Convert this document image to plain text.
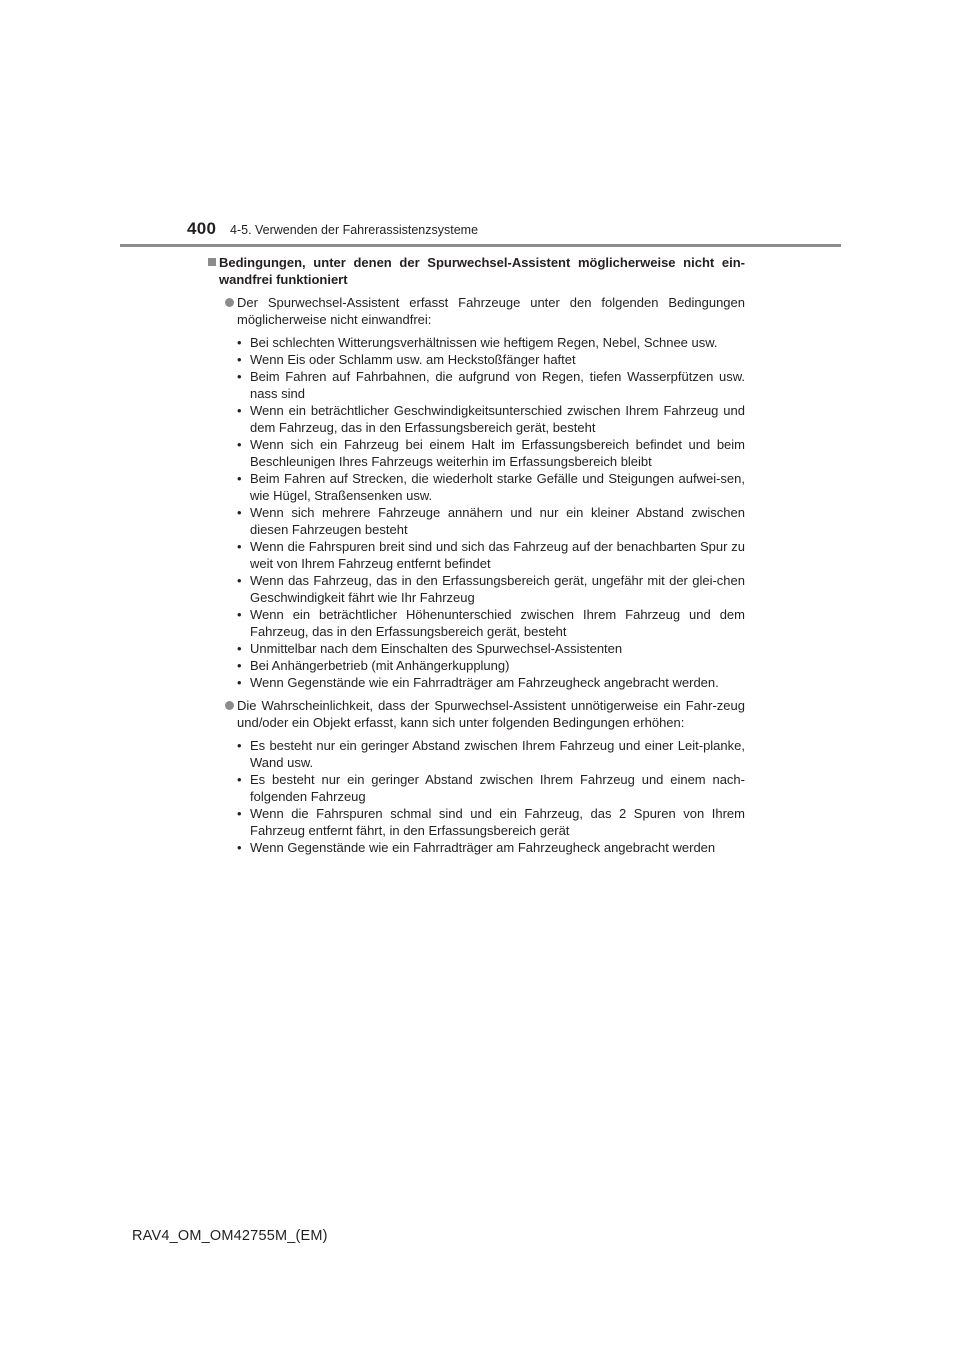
400 4-5. Verwenden der Fahrerassistenzsysteme
Bedingungen, unter denen der Spurwechsel-Assistent möglicherweise nicht ein-wandfrei funktioniert
Der Spurwechsel-Assistent erfasst Fahrzeuge unter den folgenden Bedingungen möglicherweise nicht einwandfrei:
• Bei schlechten Witterungsverhältnissen wie heftigem Regen, Nebel, Schnee usw.
• Wenn Eis oder Schlamm usw. am Heckstoßfänger haftet
• Beim Fahren auf Fahrbahnen, die aufgrund von Regen, tiefen Wasserpfützen usw. nass sind
• Wenn ein beträchtlicher Geschwindigkeitsunterschied zwischen Ihrem Fahrzeug und dem Fahrzeug, das in den Erfassungsbereich gerät, besteht
• Wenn sich ein Fahrzeug bei einem Halt im Erfassungsbereich befindet und beim Beschleunigen Ihres Fahrzeugs weiterhin im Erfassungsbereich bleibt
• Beim Fahren auf Strecken, die wiederholt starke Gefälle und Steigungen aufwei-sen, wie Hügel, Straßensenken usw.
• Wenn sich mehrere Fahrzeuge annähern und nur ein kleiner Abstand zwischen diesen Fahrzeugen besteht
• Wenn die Fahrspuren breit sind und sich das Fahrzeug auf der benachbarten Spur zu weit von Ihrem Fahrzeug entfernt befindet
• Wenn das Fahrzeug, das in den Erfassungsbereich gerät, ungefähr mit der glei-chen Geschwindigkeit fährt wie Ihr Fahrzeug
• Wenn ein beträchtlicher Höhenunterschied zwischen Ihrem Fahrzeug und dem Fahrzeug, das in den Erfassungsbereich gerät, besteht
• Unmittelbar nach dem Einschalten des Spurwechsel-Assistenten
• Bei Anhängerbetrieb (mit Anhängerkupplung)
• Wenn Gegenstände wie ein Fahrradträger am Fahrzeugheck angebracht werden.
Die Wahrscheinlichkeit, dass der Spurwechsel-Assistent unnötigerweise ein Fahr-zeug und/oder ein Objekt erfasst, kann sich unter folgenden Bedingungen erhöhen:
• Es besteht nur ein geringer Abstand zwischen Ihrem Fahrzeug und einer Leit-planke, Wand usw.
• Es besteht nur ein geringer Abstand zwischen Ihrem Fahrzeug und einem nach-folgenden Fahrzeug
• Wenn die Fahrspuren schmal sind und ein Fahrzeug, das 2 Spuren von Ihrem Fahrzeug entfernt fährt, in den Erfassungsbereich gerät
• Wenn Gegenstände wie ein Fahrradträger am Fahrzeugheck angebracht werden
RAV4_OM_OM42755M_(EM)
